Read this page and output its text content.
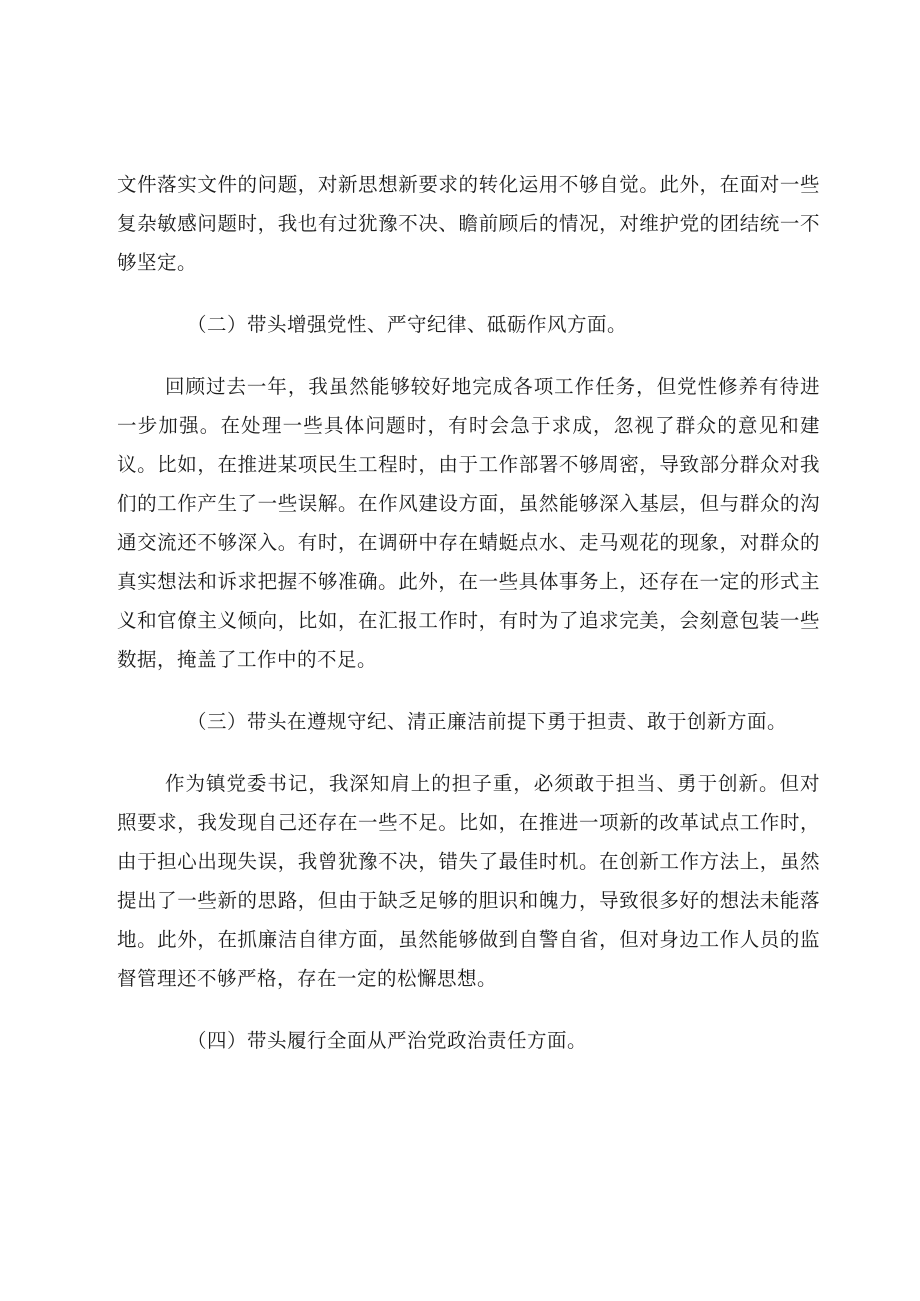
文件落实文件的问题，对新思想新要求的转化运用不够自觉。此外，在面对一些复杂敏感问题时，我也有过犹豫不决、瞻前顾后的情况，对维护党的团结统一不够坚定。

（二）带头增强党性、严守纪律、砥砺作风方面。

回顾过去一年，我虽然能够较好地完成各项工作任务，但党性修养有待进一步加强。在处理一些具体问题时，有时会急于求成，忽视了群众的意见和建议。比如，在推进某项民生工程时，由于工作部署不够周密，导致部分群众对我们的工作产生了一些误解。在作风建设方面，虽然能够深入基层，但与群众的沟通交流还不够深入。有时，在调研中存在蜻蜓点水、走马观花的现象，对群众的真实想法和诉求把握不够准确。此外，在一些具体事务上，还存在一定的形式主义和官僚主义倾向，比如，在汇报工作时，有时为了追求完美，会刻意包装一些数据，掩盖了工作中的不足。

（三）带头在遵规守纪、清正廉洁前提下勇于担责、敢于创新方面。

作为镇党委书记，我深知肩上的担子重，必须敢于担当、勇于创新。但对照要求，我发现自己还存在一些不足。比如，在推进一项新的改革试点工作时，由于担心出现失误，我曾犹豫不决，错失了最佳时机。在创新工作方法上，虽然提出了一些新的思路，但由于缺乏足够的胆识和魄力，导致很多好的想法未能落地。此外，在抓廉洁自律方面，虽然能够做到自警自省，但对身边工作人员的监督管理还不够严格，存在一定的松懈思想。

（四）带头履行全面从严治党政治责任方面。
